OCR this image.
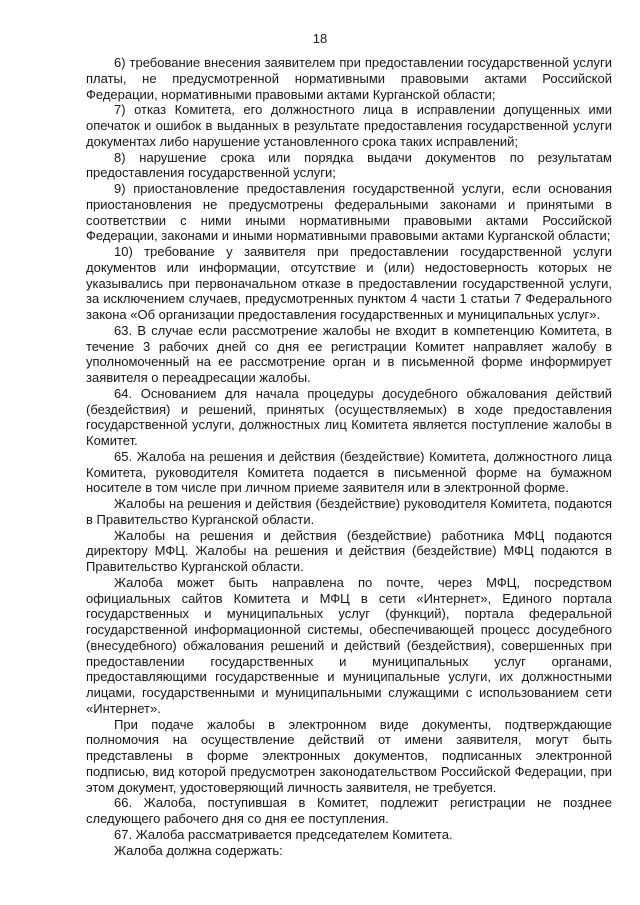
18

6) требование внесения заявителем при предоставлении государственной услуги платы, не предусмотренной нормативными правовыми актами Российской Федерации, нормативными правовыми актами Курганской области;

7) отказ Комитета, его должностного лица в исправлении допущенных ими опечаток и ошибок в выданных в результате предоставления государственной услуги документах либо нарушение установленного срока таких исправлений;

8) нарушение срока или порядка выдачи документов по результатам предоставления государственной услуги;

9) приостановление предоставления государственной услуги, если основания приостановления не предусмотрены федеральными законами и принятыми в соответствии с ними иными нормативными правовыми актами Российской Федерации, законами и иными нормативными правовыми актами Курганской области;

10) требование у заявителя при предоставлении государственной услуги документов или информации, отсутствие и (или) недостоверность которых не указывались при первоначальном отказе в предоставлении государственной услуги, за исключением случаев, предусмотренных пунктом 4 части 1 статьи 7 Федерального закона «Об организации предоставления государственных и муниципальных услуг».

63. В случае если рассмотрение жалобы не входит в компетенцию Комитета, в течение 3 рабочих дней со дня ее регистрации Комитет направляет жалобу в уполномоченный на ее рассмотрение орган и в письменной форме информирует заявителя о переадресации жалобы.

64. Основанием для начала процедуры досудебного обжалования действий (бездействия) и решений, принятых (осуществляемых) в ходе предоставления государственной услуги, должностных лиц Комитета является поступление жалобы в Комитет.

65. Жалоба на решения и действия (бездействие) Комитета, должностного лица Комитета, руководителя Комитета подается в письменной форме на бумажном носителе в том числе при личном приеме заявителя или в электронной форме.

Жалобы на решения и действия (бездействие) руководителя Комитета, подаются в Правительство Курганской области.

Жалобы на решения и действия (бездействие) работника МФЦ подаются директору МФЦ. Жалобы на решения и действия (бездействие) МФЦ подаются в Правительство Курганской области.

Жалоба может быть направлена по почте, через МФЦ, посредством официальных сайтов Комитета и МФЦ в сети «Интернет», Единого портала государственных и муниципальных услуг (функций), портала федеральной государственной информационной системы, обеспечивающей процесс досудебного (внесудебного) обжалования решений и действий (бездействия), совершенных при предоставлении государственных и муниципальных услуг органами, предоставляющими государственные и муниципальные услуги, их должностными лицами, государственными и муниципальными служащими с использованием сети «Интернет».

При подаче жалобы в электронном виде документы, подтверждающие полномочия на осуществление действий от имени заявителя, могут быть представлены в форме электронных документов, подписанных электронной подписью, вид которой предусмотрен законодательством Российской Федерации, при этом документ, удостоверяющий личность заявителя, не требуется.

66. Жалоба, поступившая в Комитет, подлежит регистрации не позднее следующего рабочего дня со дня ее поступления.

67. Жалоба рассматривается председателем Комитета.

Жалоба должна содержать:
